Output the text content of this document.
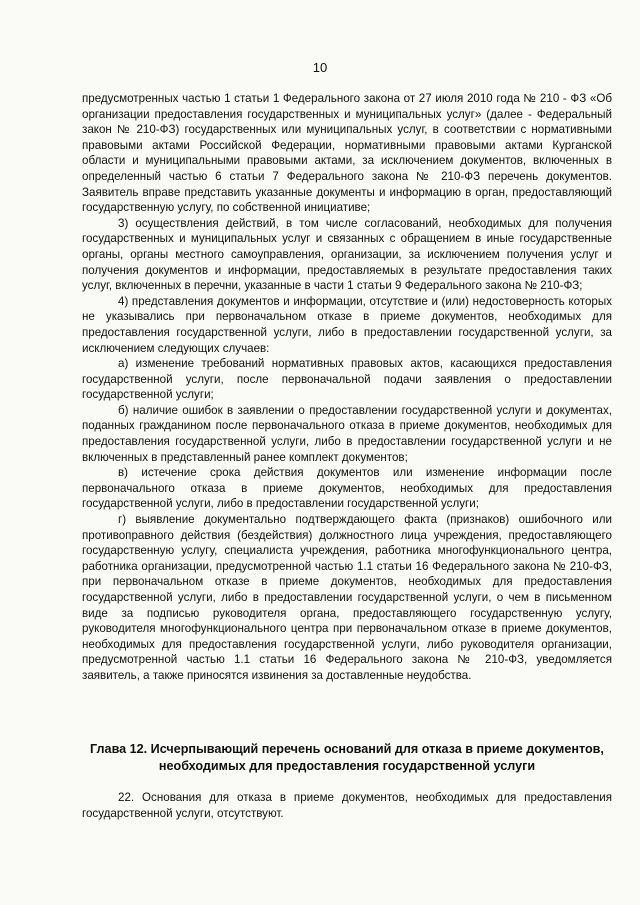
10

предусмотренных частью 1 статьи 1 Федерального закона от 27 июля 2010 года № 210 - ФЗ «Об организации предоставления государственных и муниципальных услуг» (далее - Федеральный закон № 210-ФЗ) государственных или муниципальных услуг, в соответствии с нормативными правовыми актами Российской Федерации, нормативными правовыми актами Курганской области и муниципальными правовыми актами, за исключением документов, включенных в определенный частью 6 статьи 7 Федерального закона № 210-ФЗ перечень документов. Заявитель вправе представить указанные документы и информацию в орган, предоставляющий государственную услугу, по собственной инициативе;

3) осуществления действий, в том числе согласований, необходимых для получения государственных и муниципальных услуг и связанных с обращением в иные государственные органы, органы местного самоуправления, организации, за исключением получения услуг и получения документов и информации, предоставляемых в результате предоставления таких услуг, включенных в перечни, указанные в части 1 статьи 9 Федерального закона № 210-ФЗ;

4) представления документов и информации, отсутствие и (или) недостоверность которых не указывались при первоначальном отказе в приеме документов, необходимых для предоставления государственной услуги, либо в предоставлении государственной услуги, за исключением следующих случаев:

а) изменение требований нормативных правовых актов, касающихся предоставления государственной услуги, после первоначальной подачи заявления о предоставлении государственной услуги;

б) наличие ошибок в заявлении о предоставлении государственной услуги и документах, поданных гражданином после первоначального отказа в приеме документов, необходимых для предоставления государственной услуги, либо в предоставлении государственной услуги и не включенных в представленный ранее комплект документов;

в) истечение срока действия документов или изменение информации после первоначального отказа в приеме документов, необходимых для предоставления государственной услуги, либо в предоставлении государственной услуги;

г) выявление документально подтверждающего факта (признаков) ошибочного или противоправного действия (бездействия) должностного лица учреждения, предоставляющего государственную услугу, специалиста учреждения, работника многофункционального центра, работника организации, предусмотренной частью 1.1 статьи 16 Федерального закона № 210-ФЗ, при первоначальном отказе в приеме документов, необходимых для предоставления государственной услуги, либо в предоставлении государственной услуги, о чем в письменном виде за подписью руководителя органа, предоставляющего государственную услугу, руководителя многофункционального центра при первоначальном отказе в приеме документов, необходимых для предоставления государственной услуги, либо руководителя организации, предусмотренной частью 1.1 статьи 16 Федерального закона № 210-ФЗ, уведомляется заявитель, а также приносятся извинения за доставленные неудобства.

Глава 12. Исчерпывающий перечень оснований для отказа в приеме документов,
необходимых для предоставления государственной услуги

22. Основания для отказа в приеме документов, необходимых для предоставления государственной услуги, отсутствуют.
